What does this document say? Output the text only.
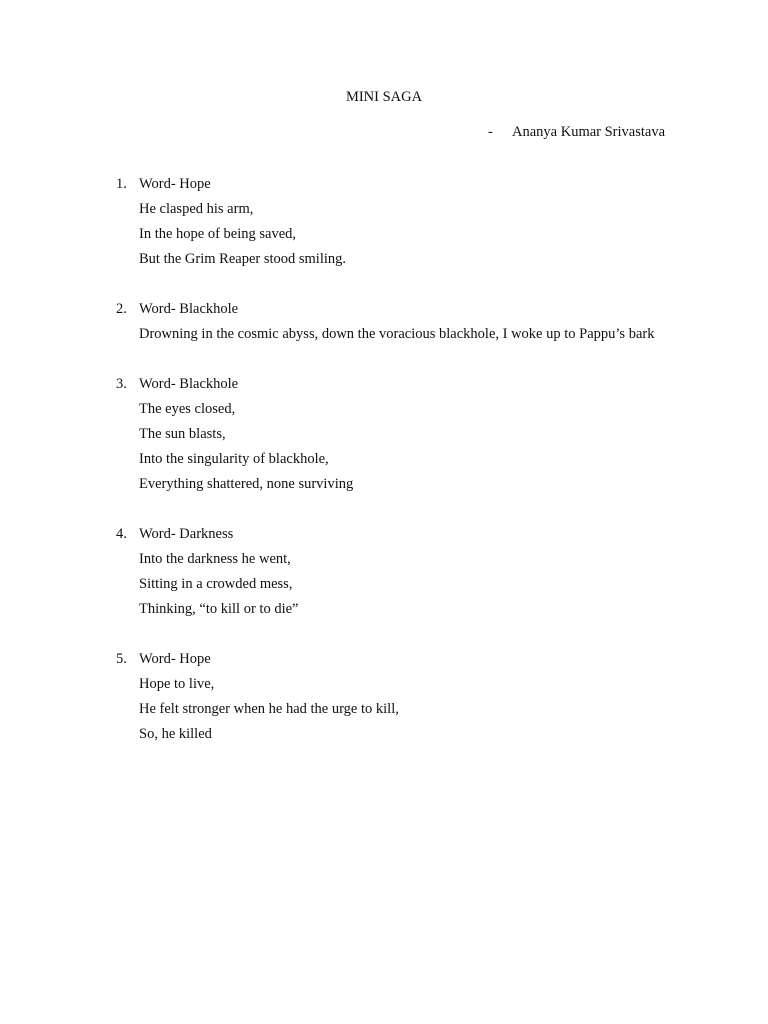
MINI SAGA
- Ananya Kumar Srivastava
1. Word- Hope
He clasped his arm,
In the hope of being saved,
But the Grim Reaper stood smiling.
2. Word- Blackhole
Drowning in the cosmic abyss, down the voracious blackhole, I woke up to Pappu’s bark
3. Word- Blackhole
The eyes closed,
The sun blasts,
Into the singularity of blackhole,
Everything shattered, none surviving
4. Word- Darkness
Into the darkness he went,
Sitting in a crowded mess,
Thinking, “to kill or to die”
5. Word- Hope
Hope to live,
He felt stronger when he had the urge to kill,
So, he killed
